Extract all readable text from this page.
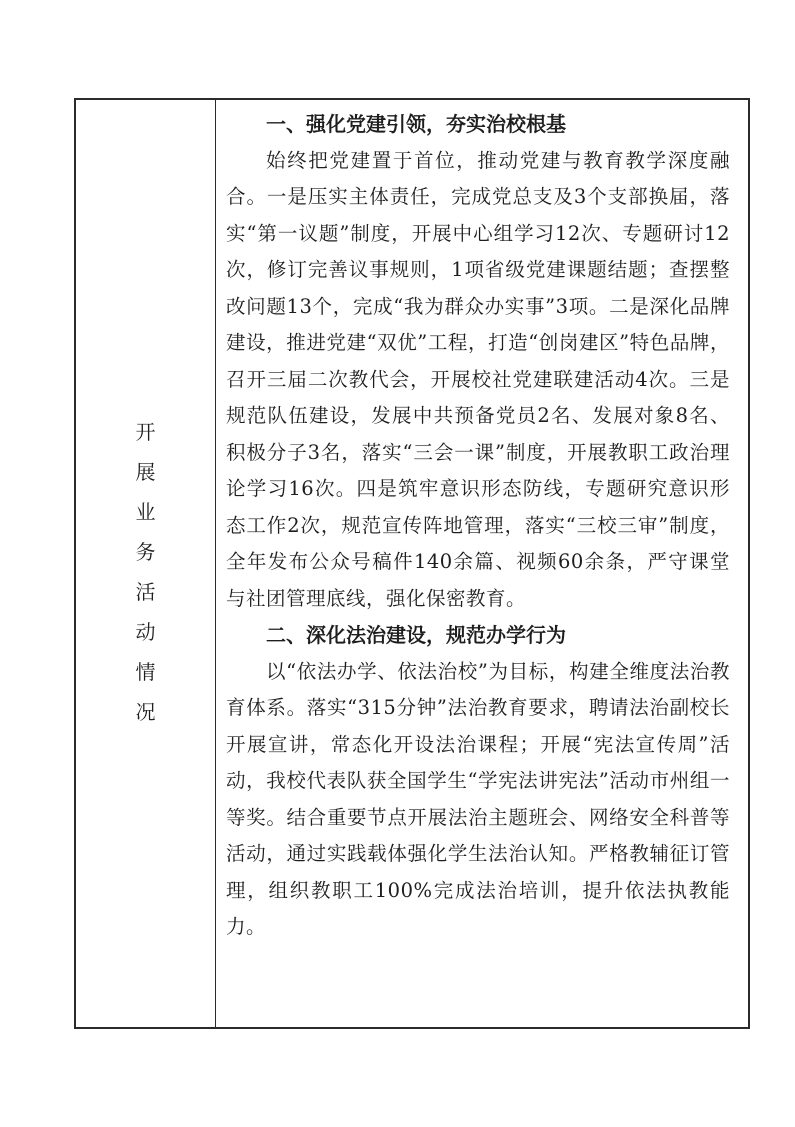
开
展
业
务
活
动
情
况
一、强化党建引领，夯实治校根基

始终把党建置于首位，推动党建与教育教学深度融合。一是压实主体责任，完成党总支及3个支部换届，落实“第一议题”制度，开展中心组学习12次、专题研讨12次，修订完善议事规则，1项省级党建课题结题；查摆整改问题13个，完成“我为群众办实事”3项。二是深化品牌建设，推进党建“双优”工程，打造“创岗建区”特色品牌，召开三届二次教代会，开展校社党建联建活动4次。三是规范队伍建设，发展中共预备党员2名、发展对象8名、积极分子3名，落实“三会一课”制度，开展教职工政治理论学习16次。四是筑牢意识形态防线，专题研究意识形态工作2次，规范宣传阵地管理，落实“三校三审”制度，全年发布公众号稿件140余篇、视频60余条，严守课堂与社团管理底线，强化保密教育。

二、深化法治建设，规范办学行为

以“依法办学、依法治校”为目标，构建全维度法治教育体系。落实“315分钟”法治教育要求，聘请法治副校长开展宣讲，常态化开设法治课程；开展“宪法宣传周”活动，我校代表队获全国学生“学宪法讲宪法”活动市州组一等奖。结合重要节点开展法治主题班会、网络安全科普等活动，通过实践载体强化学生法治认知。严格教辅征订管理，组织教职工100%完成法治培训，提升依法执教能力。
